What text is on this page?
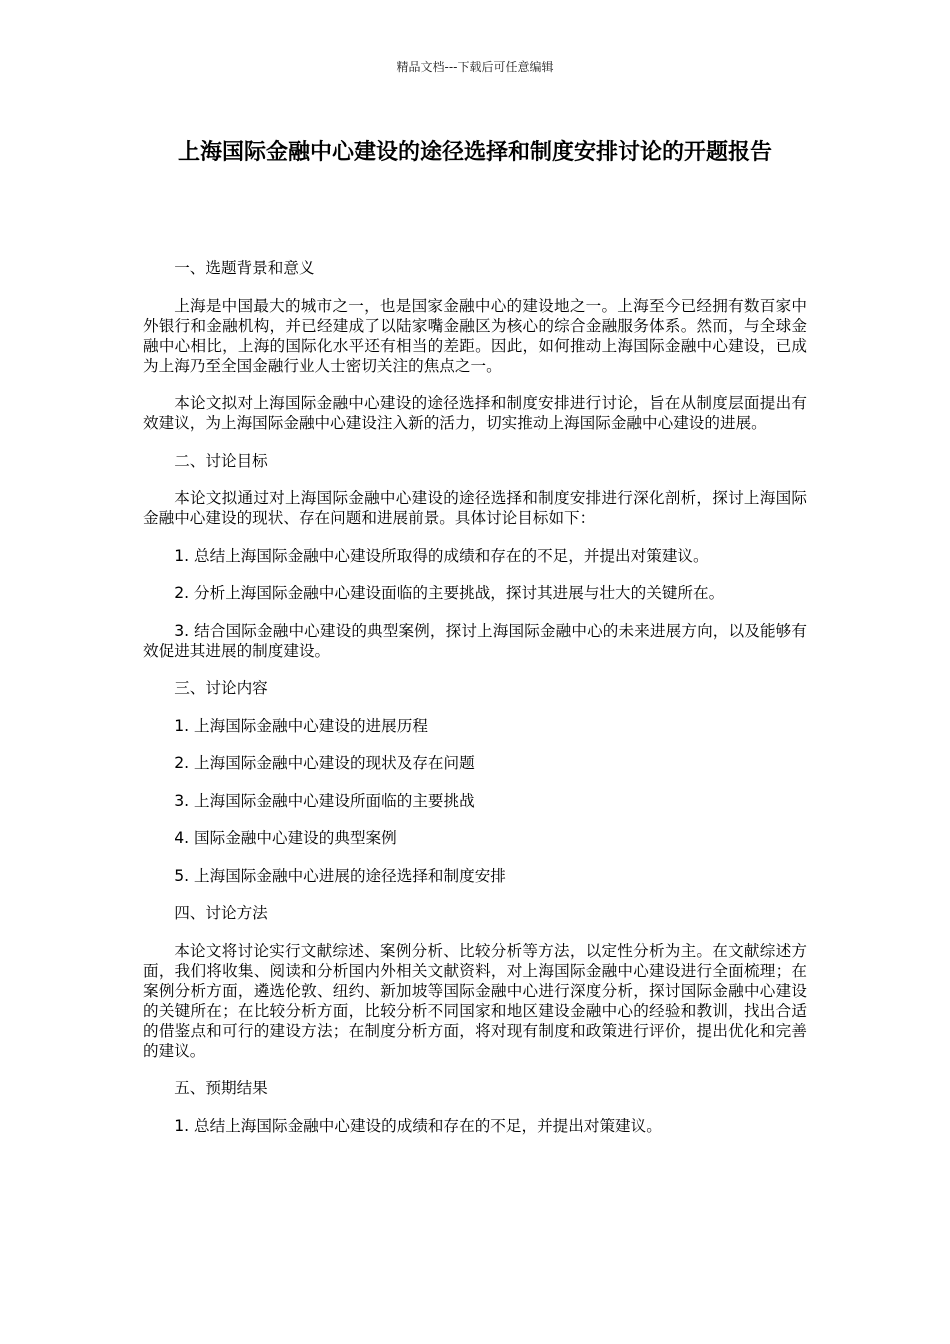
精品文档---下载后可任意编辑
上海国际金融中心建设的途径选择和制度安排讨论的开题报告

一、选题背景和意义

上海是中国最大的城市之一，也是国家金融中心的建设地之一。上海至今已经拥有数百家中外银行和金融机构，并已经建成了以陆家嘴金融区为核心的综合金融服务体系。然而，与全球金融中心相比，上海的国际化水平还有相当的差距。因此，如何推动上海国际金融中心建设，已成为上海乃至全国金融行业人士密切关注的焦点之一。

本论文拟对上海国际金融中心建设的途径选择和制度安排进行讨论，旨在从制度层面提出有效建议，为上海国际金融中心建设注入新的活力，切实推动上海国际金融中心建设的进展。

二、讨论目标

本论文拟通过对上海国际金融中心建设的途径选择和制度安排进行深化剖析，探讨上海国际金融中心建设的现状、存在问题和进展前景。具体讨论目标如下：

1. 总结上海国际金融中心建设所取得的成绩和存在的不足，并提出对策建议。

2. 分析上海国际金融中心建设面临的主要挑战，探讨其进展与壮大的关键所在。

3. 结合国际金融中心建设的典型案例，探讨上海国际金融中心的未来进展方向，以及能够有效促进其进展的制度建设。

三、讨论内容

1. 上海国际金融中心建设的进展历程

2. 上海国际金融中心建设的现状及存在问题

3. 上海国际金融中心建设所面临的主要挑战

4. 国际金融中心建设的典型案例

5. 上海国际金融中心进展的途径选择和制度安排

四、讨论方法

本论文将讨论实行文献综述、案例分析、比较分析等方法，以定性分析为主。在文献综述方面，我们将收集、阅读和分析国内外相关文献资料，对上海国际金融中心建设进行全面梳理；在案例分析方面，遴选伦敦、纽约、新加坡等国际金融中心进行深度分析，探讨国际金融中心建设的关键所在；在比较分析方面，比较分析不同国家和地区建设金融中心的经验和教训，找出合适的借鉴点和可行的建设方法；在制度分析方面，将对现有制度和政策进行评价，提出优化和完善的建议。

五、预期结果

1. 总结上海国际金融中心建设的成绩和存在的不足，并提出对策建议。
